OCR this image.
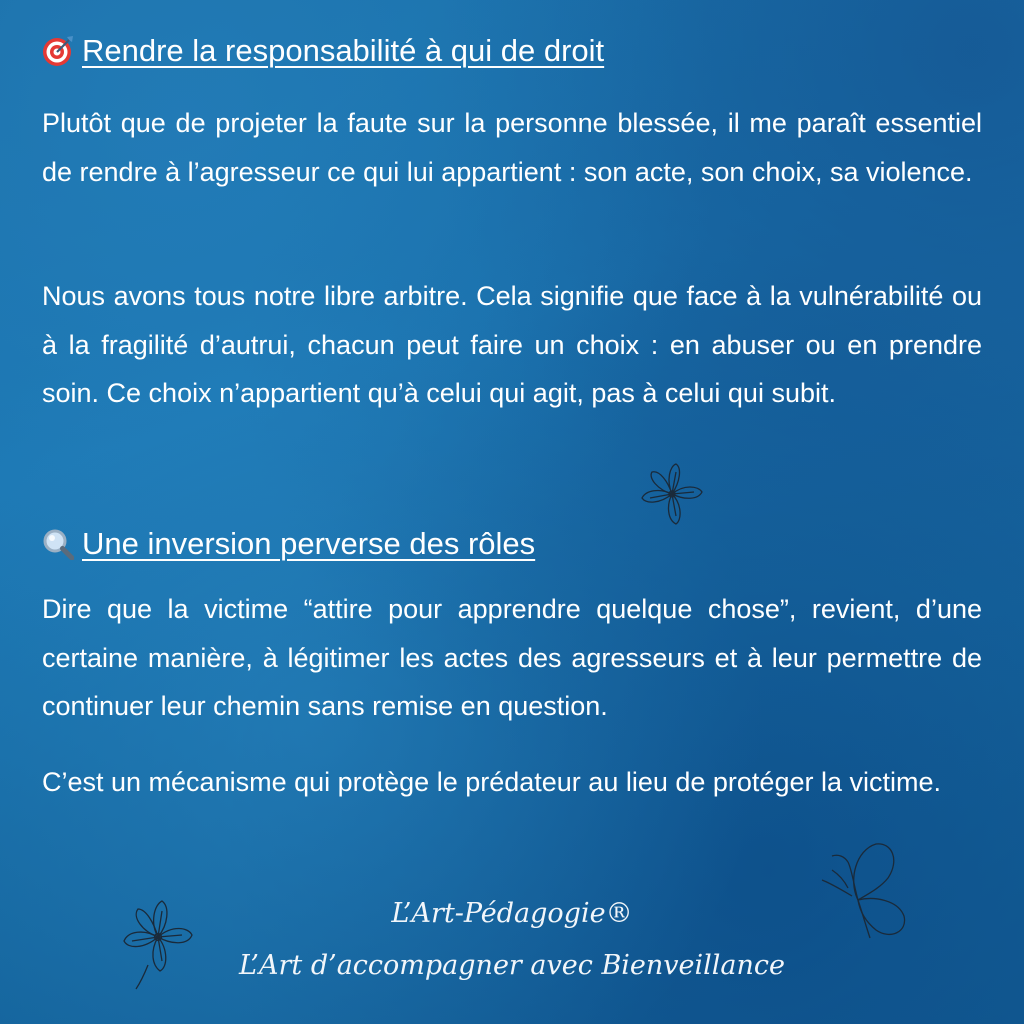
Rendre la responsabilité à qui de droit

Plutôt que de projeter la faute sur la personne blessée, il me paraît essentiel de rendre à l’agresseur ce qui lui appartient : son acte, son choix, sa violence.

Nous avons tous notre libre arbitre. Cela signifie que face à la vulnérabilité ou à la fragilité d’autrui, chacun peut faire un choix : en abuser ou en prendre soin. Ce choix n’appartient qu’à celui qui agit, pas à celui qui subit.

Une inversion perverse des rôles

Dire que la victime “attire pour apprendre quelque chose”, revient, d’une certaine manière, à légitimer les actes des agresseurs et à leur permettre de continuer leur chemin sans remise en question.

C’est un mécanisme qui protège le prédateur au lieu de protéger la victime.

L’Art-Pédagogie®

L’Art d’accompagner avec Bienveillance
